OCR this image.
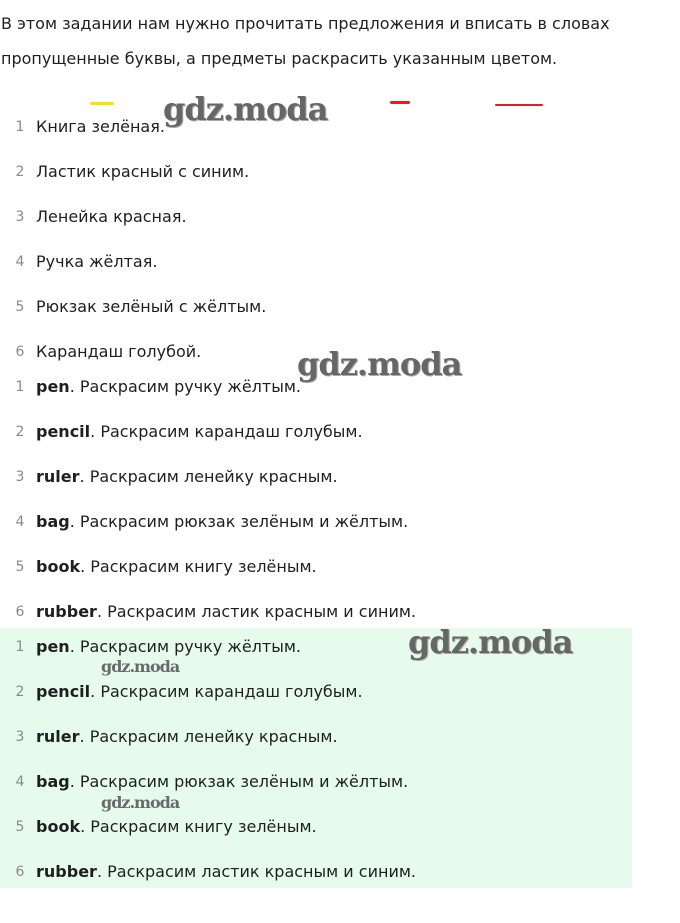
В этом задании нам нужно прочитать предложения и вписать в словах
пропущенные буквы, а предметы раскрасить указанным цветом.
1 Книга зелёная.
2 Ластик красный с синим.
3 Ленейка красная.
4 Ручка жёлтая.
5 Рюкзак зелёный с жёлтым.
6 Карандаш голубой.
1 pen. Раскрасим ручку жёлтым.
2 pencil. Раскрасим карандаш голубым.
3 ruler. Раскрасим ленейку красным.
4 bag. Раскрасим рюкзак зелёным и жёлтым.
5 book. Раскрасим книгу зелёным.
6 rubber. Раскрасим ластик красным и синим.
1 pen. Раскрасим ручку жёлтым.
2 pencil. Раскрасим карандаш голубым.
3 ruler. Раскрасим ленейку красным.
4 bag. Раскрасим рюкзак зелёным и жёлтым.
5 book. Раскрасим книгу зелёным.
6 rubber. Раскрасим ластик красным и синим.
gdz.moda
gdz.moda
gdz.moda
gdz.moda
gdz.moda
